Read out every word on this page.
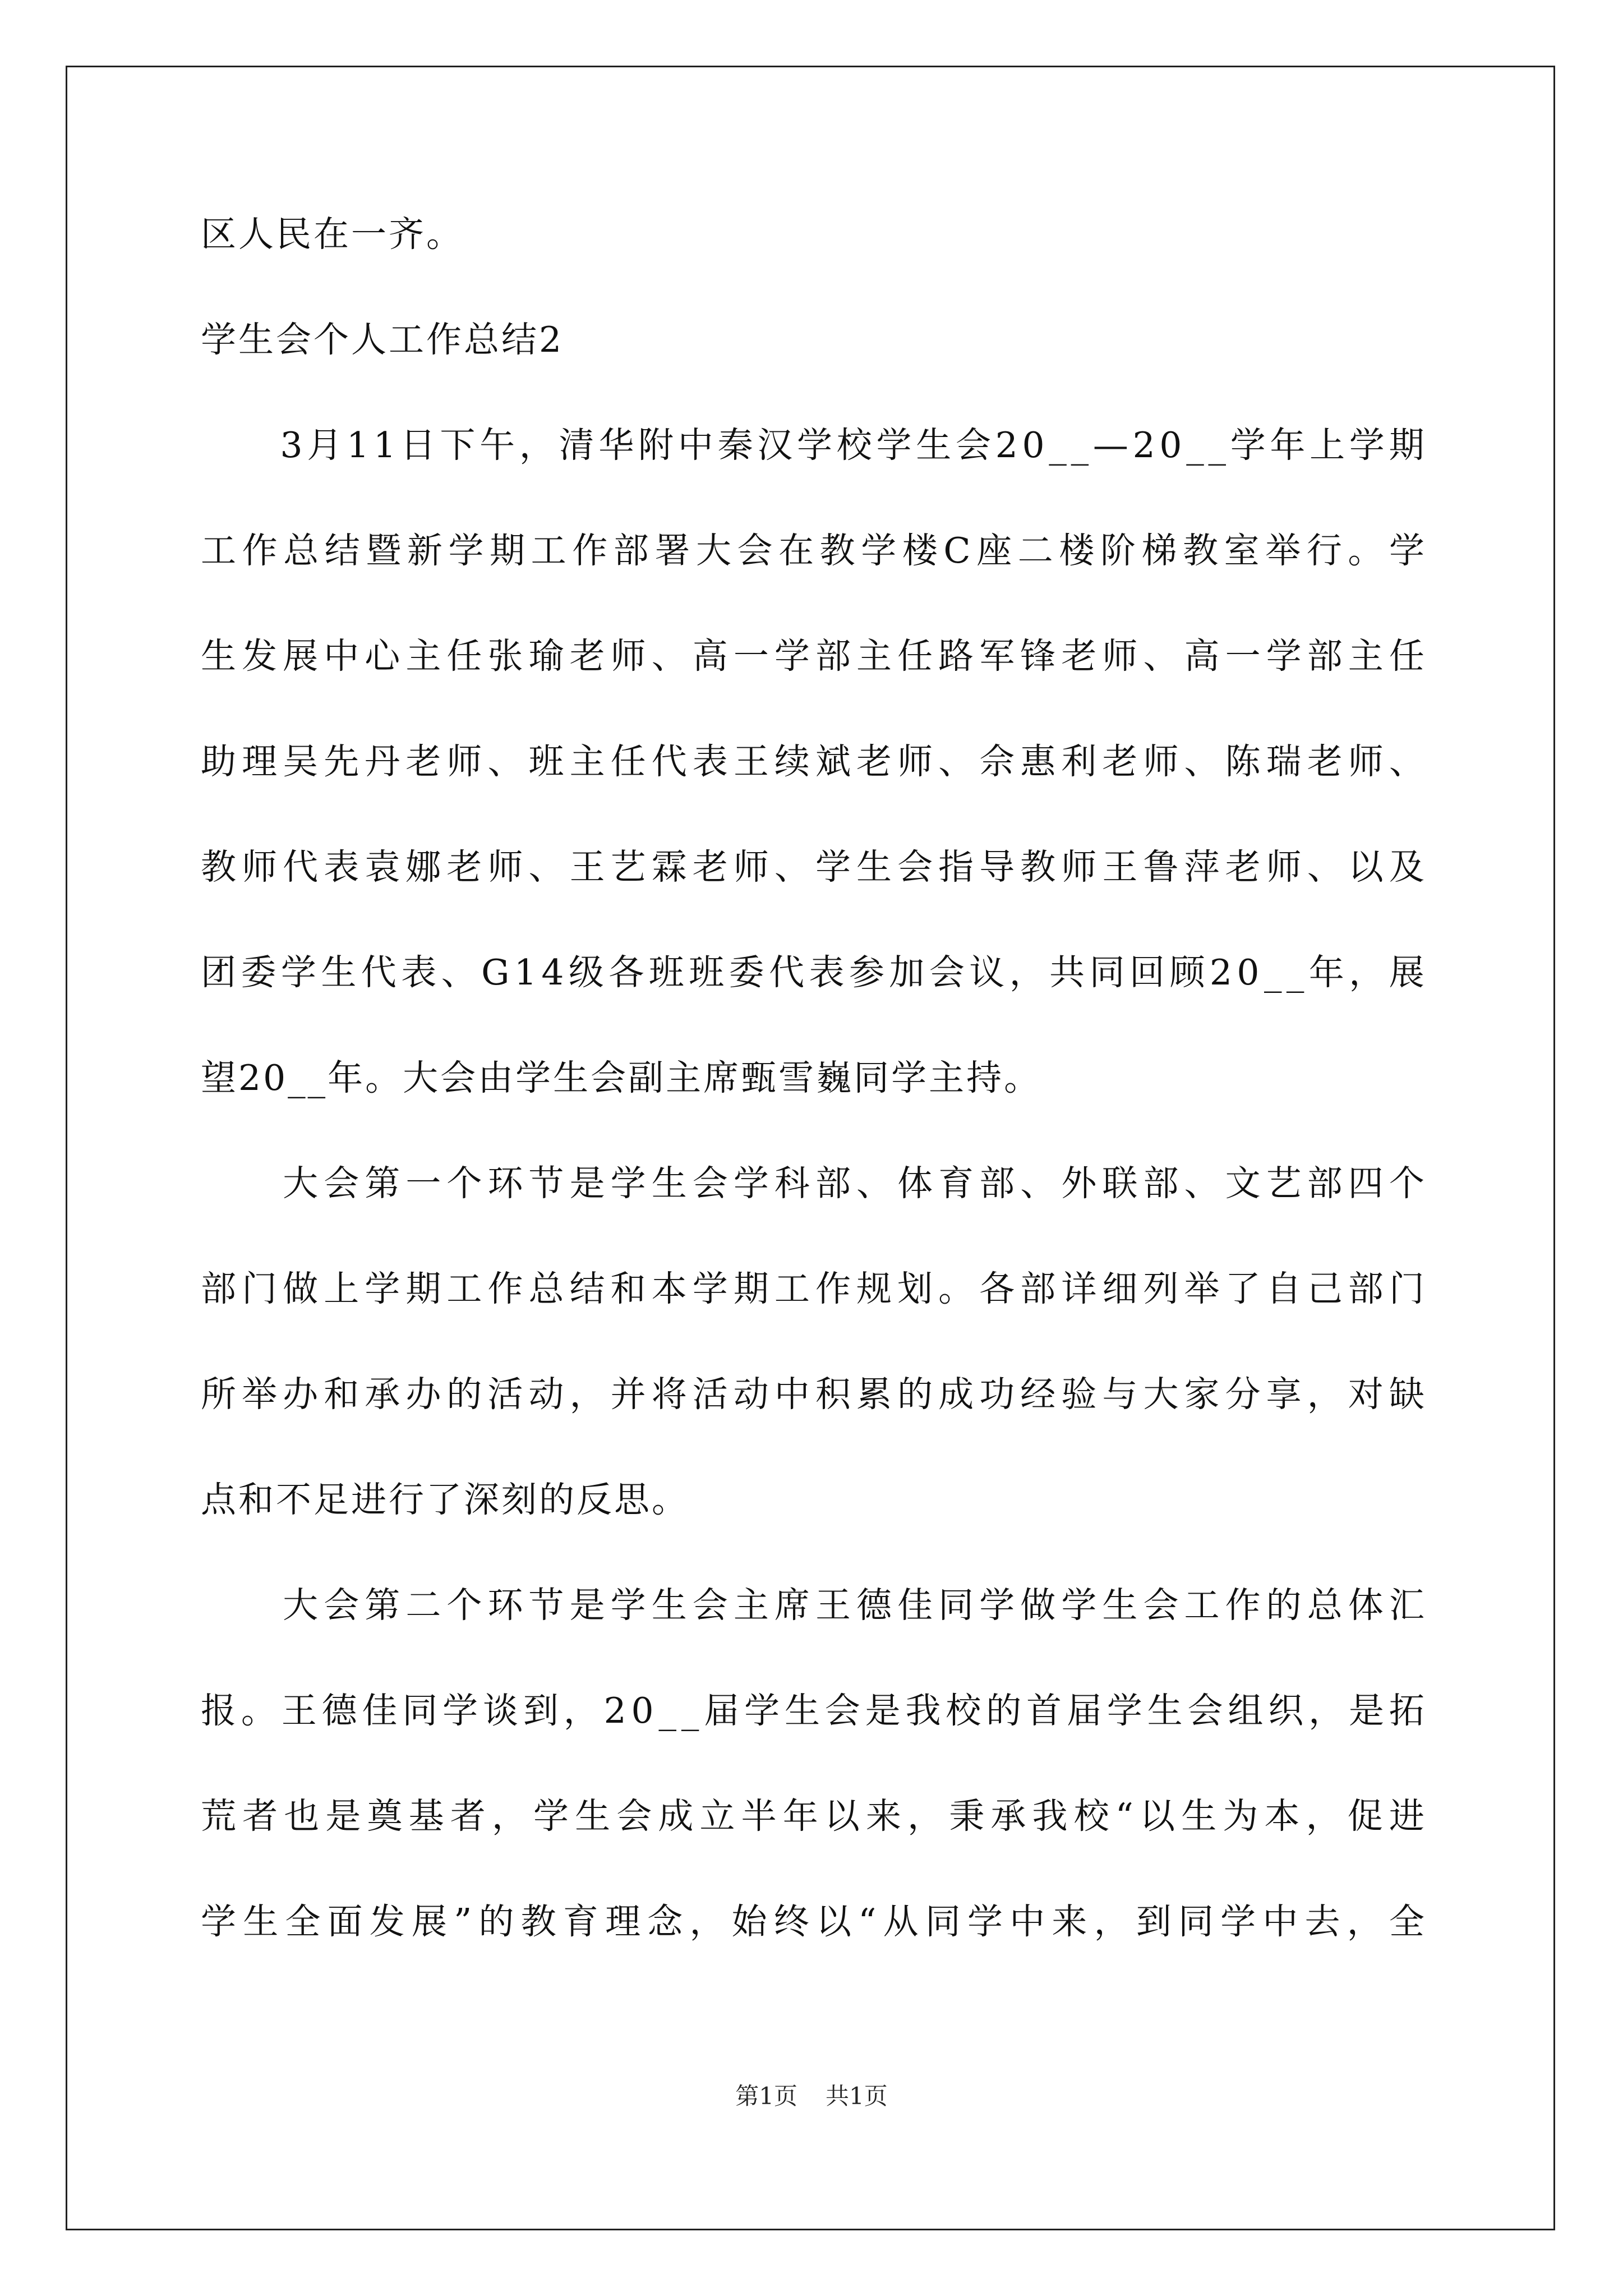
区人民在一齐。
学生会个人工作总结2

3 月 1 1 日 下 午 ， 清 华 附 中 秦 汉 学 校 学 生 会 2 0 _ _ — 2 0 _ _ 学 年 上 学 期
工 作 总 结 暨 新 学 期 工 作 部 署 大 会 在 教 学 楼 C 座 二 楼 阶 梯 教 室 举 行 。 学
生 发 展 中 心 主 任 张 瑜 老 师 、 高 一 学 部 主 任 路 军 锋 老 师 、 高 一 学 部 主 任
助 理 吴 先 丹 老 师 、 班 主 任 代 表 王 续 斌 老 师 、 佘 惠 利 老 师 、 陈 瑞 老 师 、
教 师 代 表 袁 娜 老 师 、 王 艺 霖 老 师 、 学 生 会 指 导 教 师 王 鲁 萍 老 师 、 以 及
团 委 学 生 代 表 、 G 1 4 级 各 班 班 委 代 表 参 加 会 议 ， 共 同 回 顾 2 0 _ _ 年 ， 展
望20__年。大会由学生会副主席甄雪巍同学主持。

大 会 第 一 个 环 节 是 学 生 会 学 科 部 、 体 育 部 、 外 联 部 、 文 艺 部 四 个
部 门 做 上 学 期 工 作 总 结 和 本 学 期 工 作 规 划 。 各 部 详 细 列 举 了 自 己 部 门
所 举 办 和 承 办 的 活 动 ， 并 将 活 动 中 积 累 的 成 功 经 验 与 大 家 分 享 ， 对 缺
点和不足进行了深刻的反思。

大 会 第 二 个 环 节 是 学 生 会 主 席 王 德 佳 同 学 做 学 生 会 工 作 的 总 体 汇
报 。 王 德 佳 同 学 谈 到 ， 2 0 _ _ 届 学 生 会 是 我 校 的 首 届 学 生 会 组 织 ， 是 拓
荒 者 也 是 奠 基 者 ， 学 生 会 成 立 半 年 以 来 ， 秉 承 我 校 “ 以 生 为 本 ， 促 进
学 生 全 面 发 展 ” 的 教 育 理 念 ， 始 终 以 “ 从 同 学 中 来 ， 到 同 学 中 去 ， 全
第1页 共1页
